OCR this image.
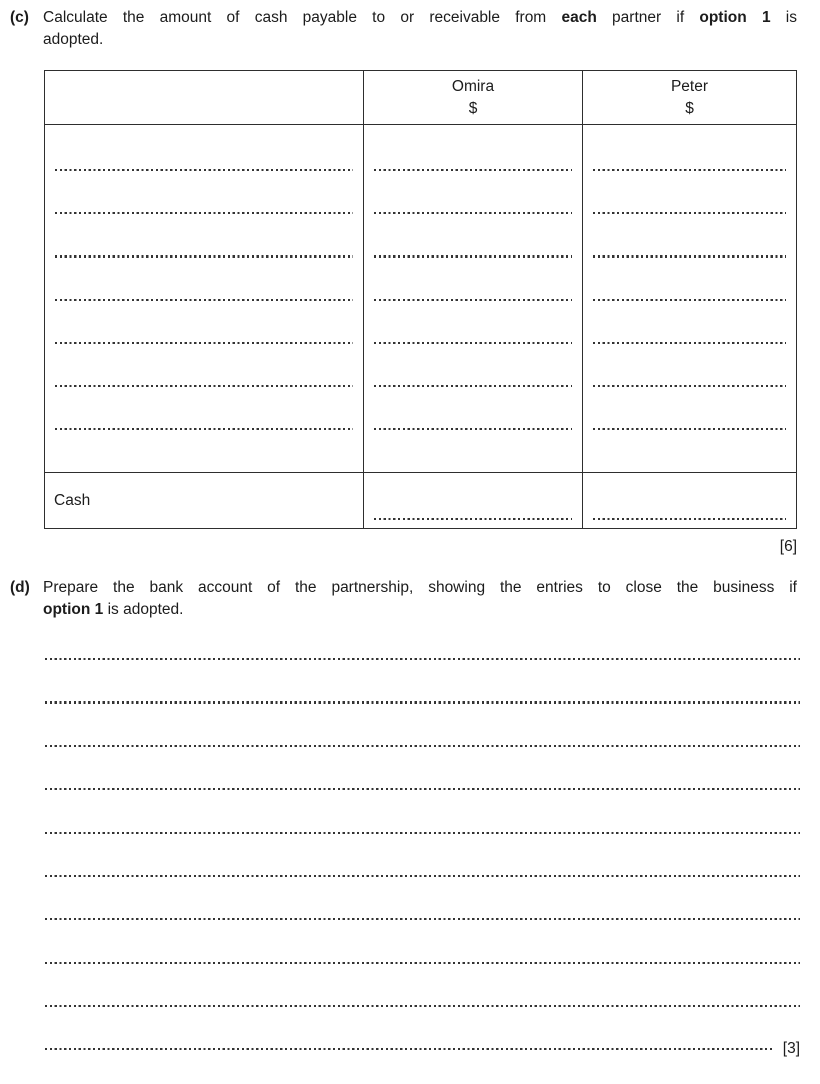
(c) Calculate the amount of cash payable to or receivable from each partner if option 1 is
adopted.
Omira
$
Peter
$
Cash
[6]
(d) Prepare the bank account of the partnership, showing the entries to close the business if
option 1 is adopted.
[3]
